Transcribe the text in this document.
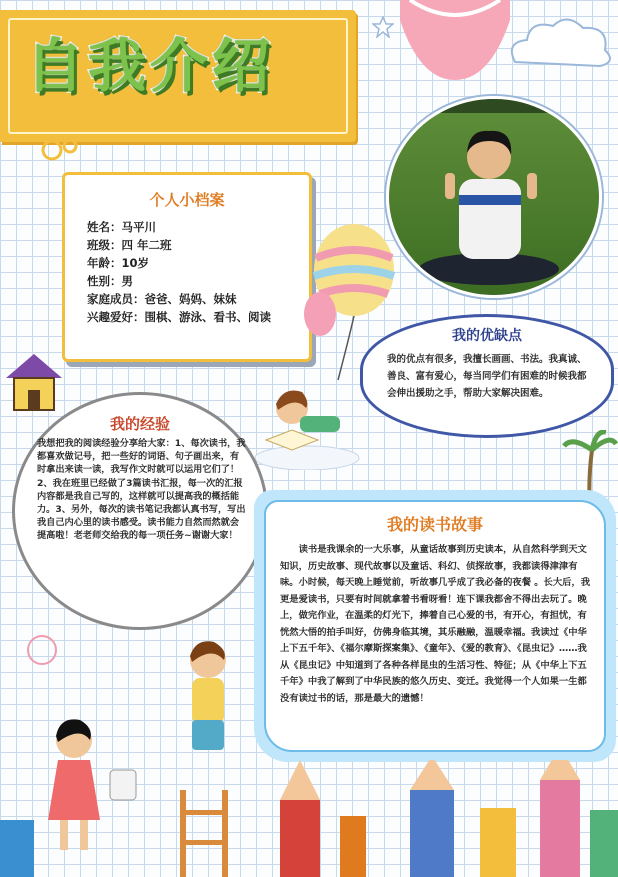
自我介绍
个人小档案
姓名：马平川
班级：四 年二班
年龄：10岁
性别：男
家庭成员：爸爸、妈妈、妹妹
兴趣爱好：围棋、游泳、看书、阅读
我的优缺点
我的优点有很多，我擅长画画、书法。我真诚、善良、富有爱心，每当同学们有困难的时候我都会伸出援助之手，帮助大家解决困难。
我的经验
我想把我的阅读经验分享给大家：1、每次读书，我都喜欢做记号，把一些好的词语、句子画出来，有时拿出来读一读，我写作文时就可以运用它们了！2、我在班里已经做了3篇读书汇报，每一次的汇报内容都是我自己写的，这样就可以提高我的概括能力。3、另外，每次的读书笔记我都认真书写，写出我自己内心里的读书感受。读书能力自然而然就会提高啦！老老师交给我的每一项任务~谢谢大家！
我的读书故事
读书是我课余的一大乐事，从童话故事到历史读本，从自然科学到天文知识，历史故事、现代故事以及童话、科幻、侦探故事，我都读得津津有味。小时候，每天晚上睡觉前，听故事几乎成了我必备的夜餐 。长大后，我更是爱读书，只要有时间就拿着书看呀看！连下课我都舍不得出去玩了。晚上，做完作业，在温柔的灯光下，捧着自己心爱的书，有开心，有担忧，有恍然大悟的拍手叫好，仿佛身临其境，其乐融融，温暖幸福。我读过《中华上下五千年》、《福尔摩斯探案集》、《童年》、《爱的教育》、《昆虫记》……我从《昆虫记》中知道到了各种各样昆虫的生活习性、特征；从《中华上下五千年》中我了解到了中华民族的悠久历史、变迁。我觉得一个人如果一生都没有读过书的话，那是最大的遗憾！
